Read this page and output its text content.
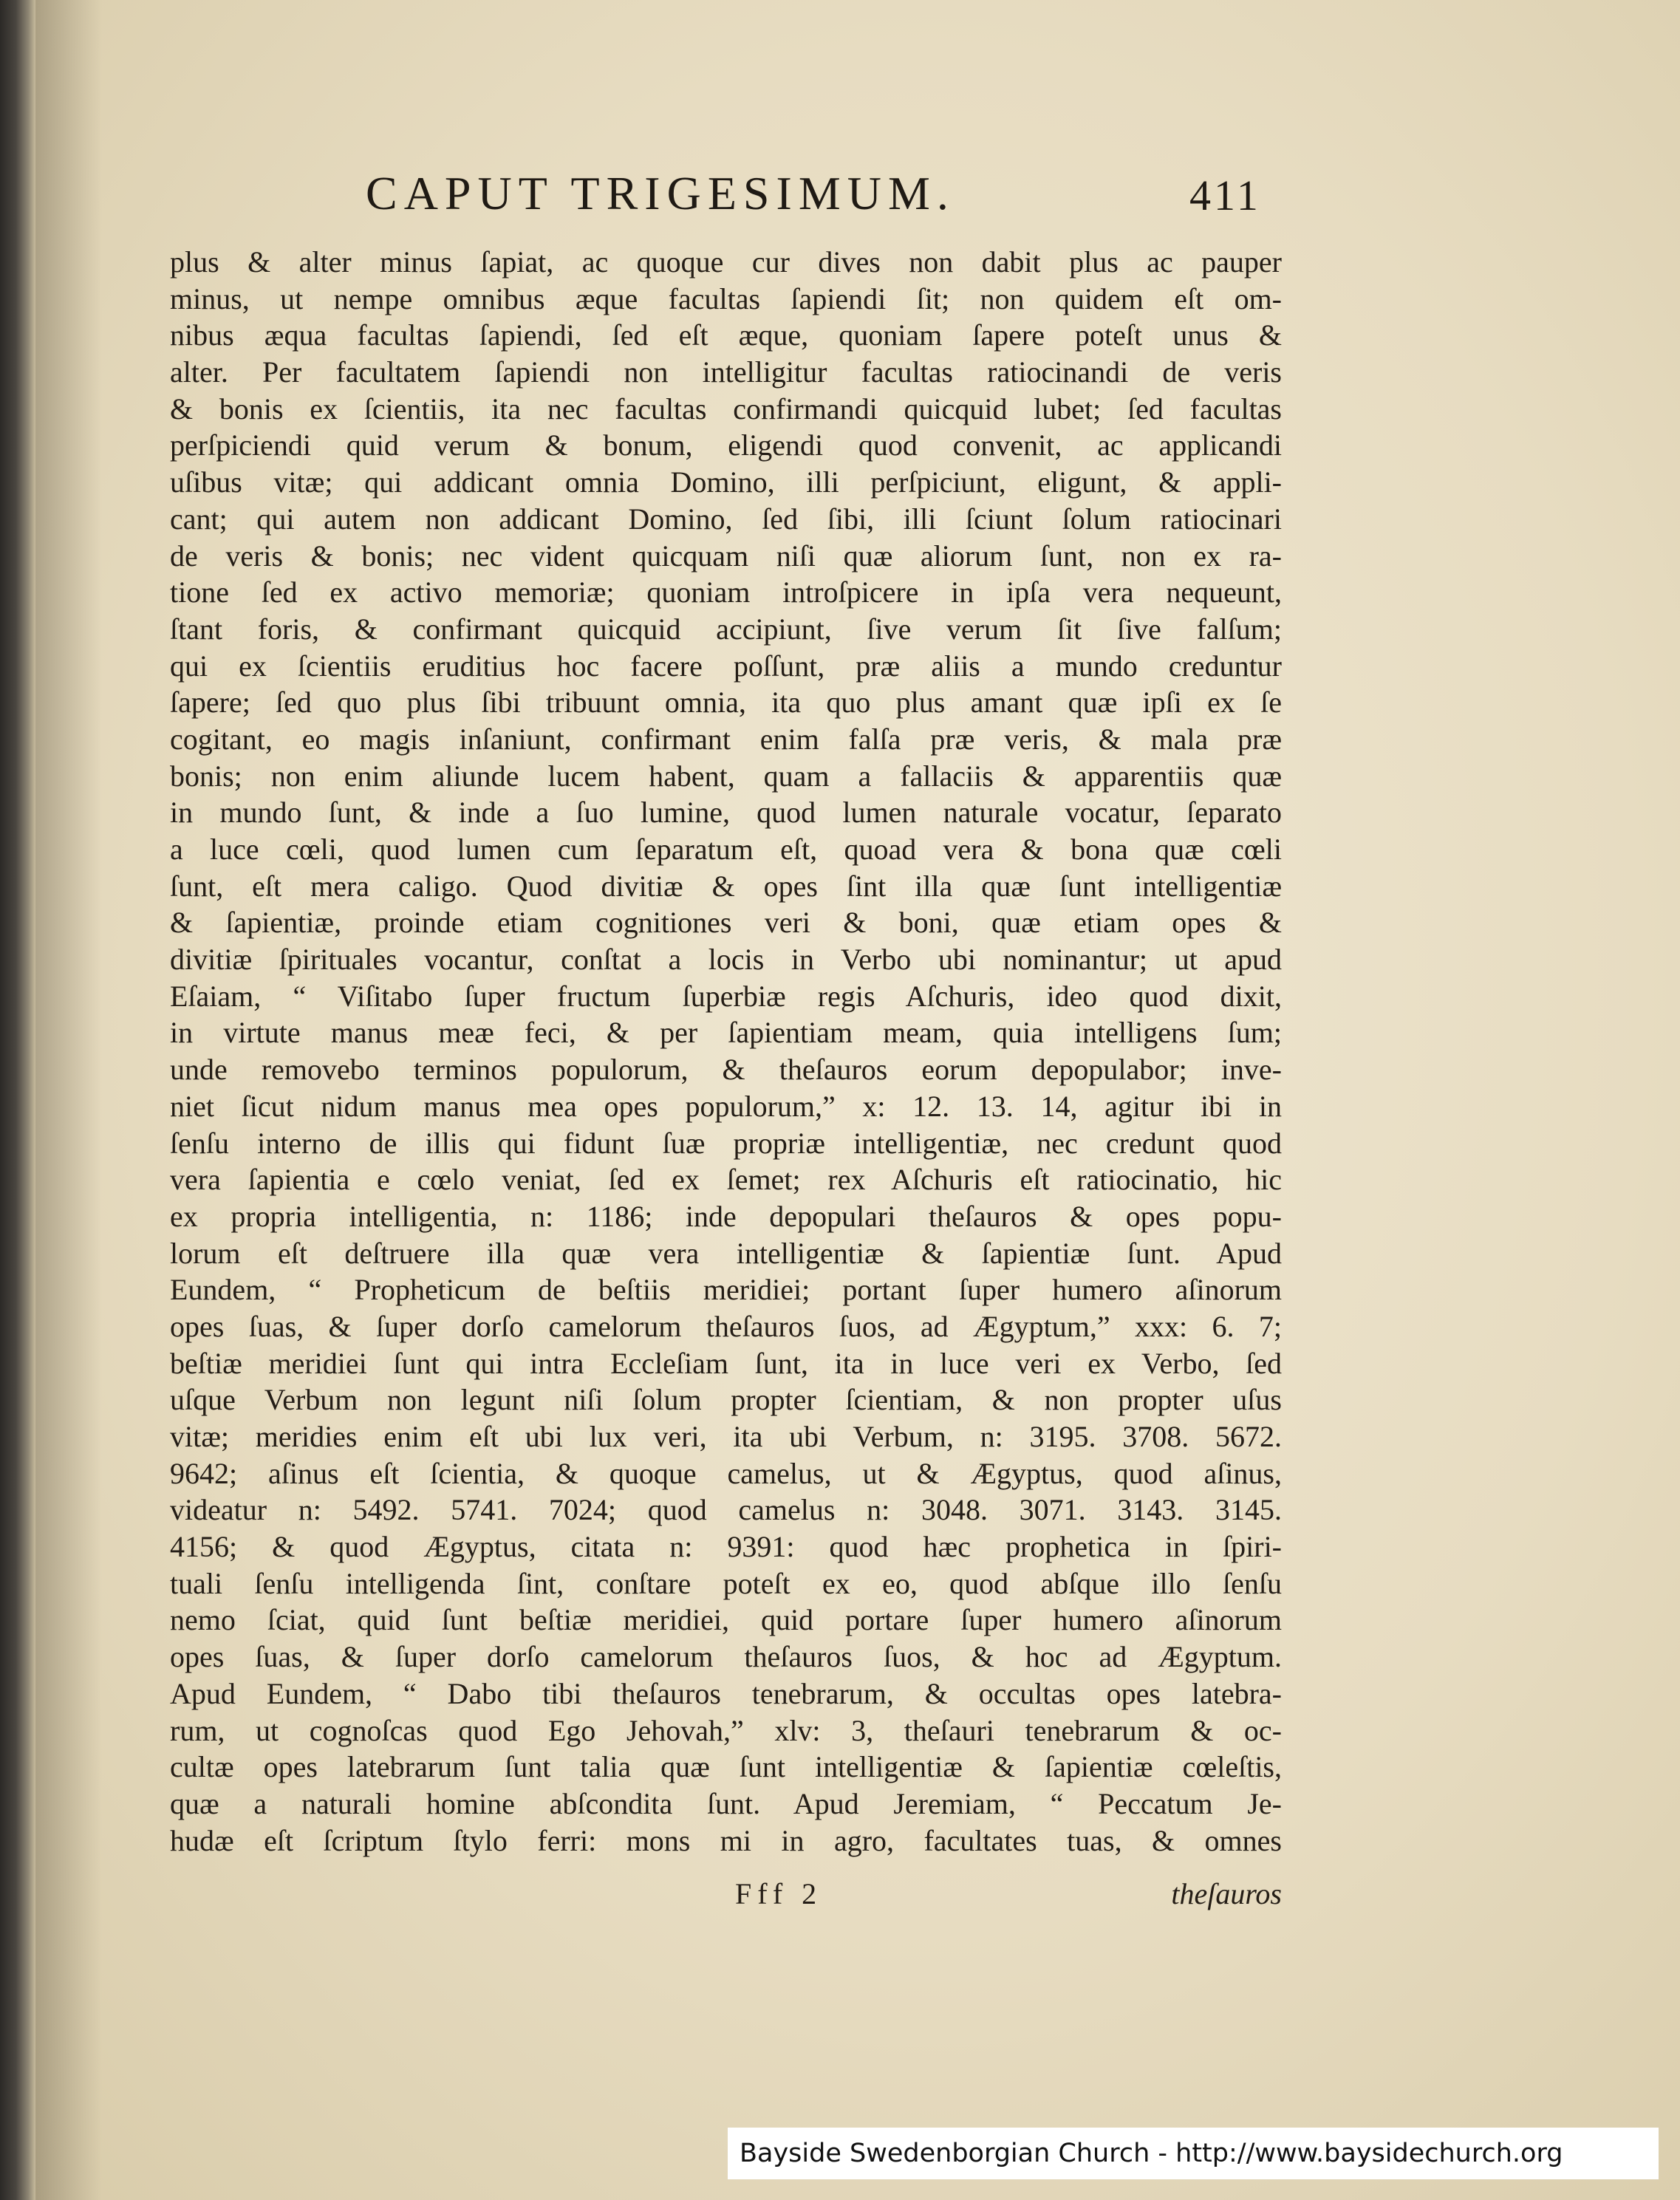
CAPUT TRIGESIMUM.	411
plus & alter minus ſapiat, ac quoque cur dives non dabit plus ac pauper
minus, ut nempe omnibus æque facultas ſapiendi ſit; non quidem eſt om-
nibus æqua facultas ſapiendi, ſed eſt æque, quoniam ſapere poteſt unus &
alter. Per facultatem ſapiendi non intelligitur facultas ratiocinandi de veris
& bonis ex ſcientiis, ita nec facultas confirmandi quicquid lubet; ſed facultas
perſpiciendi quid verum & bonum, eligendi quod convenit, ac applicandi
uſibus vitæ; qui addicant omnia Domino, illi perſpiciunt, eligunt, & appli-
cant; qui autem non addicant Domino, ſed ſibi, illi ſciunt ſolum ratiocinari
de veris & bonis; nec vident quicquam niſi quæ aliorum ſunt, non ex ra-
tione ſed ex activo memoriæ; quoniam introſpicere in ipſa vera nequeunt,
ſtant foris, & confirmant quicquid accipiunt, ſive verum ſit ſive falſum;
qui ex ſcientiis eruditius hoc facere poſſunt, præ aliis a mundo creduntur
ſapere; ſed quo plus ſibi tribuunt omnia, ita quo plus amant quæ ipſi ex ſe
cogitant, eo magis inſaniunt, confirmant enim falſa præ veris, & mala præ
bonis; non enim aliunde lucem habent, quam a fallaciis & apparentiis quæ
in mundo ſunt, & inde a ſuo lumine, quod lumen naturale vocatur, ſeparato
a luce cœli, quod lumen cum ſeparatum eſt, quoad vera & bona quæ cœli
ſunt, eſt mera caligo. Quod divitiæ & opes ſint illa quæ ſunt intelligentiæ
& ſapientiæ, proinde etiam cognitiones veri & boni, quæ etiam opes &
divitiæ ſpirituales vocantur, conſtat a locis in Verbo ubi nominantur; ut apud
Eſaiam, “ Viſitabo ſuper fructum ſuperbiæ regis Aſchuris, ideo quod dixit,
in virtute manus meæ feci, & per ſapientiam meam, quia intelligens ſum;
unde removebo terminos populorum, & theſauros eorum depopulabor; inve-
niet ſicut nidum manus mea opes populorum,” x: 12. 13. 14, agitur ibi in
ſenſu interno de illis qui fidunt ſuæ propriæ intelligentiæ, nec credunt quod
vera ſapientia e cœlo veniat, ſed ex ſemet; rex Aſchuris eſt ratiocinatio, hic
ex propria intelligentia, n: 1186; inde depopulari theſauros & opes popu-
lorum eſt deſtruere illa quæ vera intelligentiæ & ſapientiæ ſunt. Apud
Eundem, “ Propheticum de beſtiis meridiei; portant ſuper humero aſinorum
opes ſuas, & ſuper dorſo camelorum theſauros ſuos, ad Ægyptum,” xxx: 6. 7;
beſtiæ meridiei ſunt qui intra Eccleſiam ſunt, ita in luce veri ex Verbo, ſed
uſque Verbum non legunt niſi ſolum propter ſcientiam, & non propter uſus
vitæ; meridies enim eſt ubi lux veri, ita ubi Verbum, n: 3195. 3708. 5672.
9642; aſinus eſt ſcientia, & quoque camelus, ut & Ægyptus, quod aſinus,
videatur n: 5492. 5741. 7024; quod camelus n: 3048. 3071. 3143. 3145.
4156; & quod Ægyptus, citata n: 9391: quod hæc prophetica in ſpiri-
tuali ſenſu intelligenda ſint, conſtare poteſt ex eo, quod abſque illo ſenſu
nemo ſciat, quid ſunt beſtiæ meridiei, quid portare ſuper humero aſinorum
opes ſuas, & ſuper dorſo camelorum theſauros ſuos, & hoc ad Ægyptum.
Apud Eundem, “ Dabo tibi theſauros tenebrarum, & occultas opes latebra-
rum, ut cognoſcas quod Ego Jehovah,” xlv: 3, theſauri tenebrarum & oc-
cultæ opes latebrarum ſunt talia quæ ſunt intelligentiæ & ſapientiæ cœleſtis,
quæ a naturali homine abſcondita ſunt. Apud Jeremiam, “ Peccatum Je-
hudæ eſt ſcriptum ſtylo ferri: mons mi in agro, facultates tuas, & omnes
Fff 2	theſauros
Bayside Swedenborgian Church - http://www.baysidechurch.org
